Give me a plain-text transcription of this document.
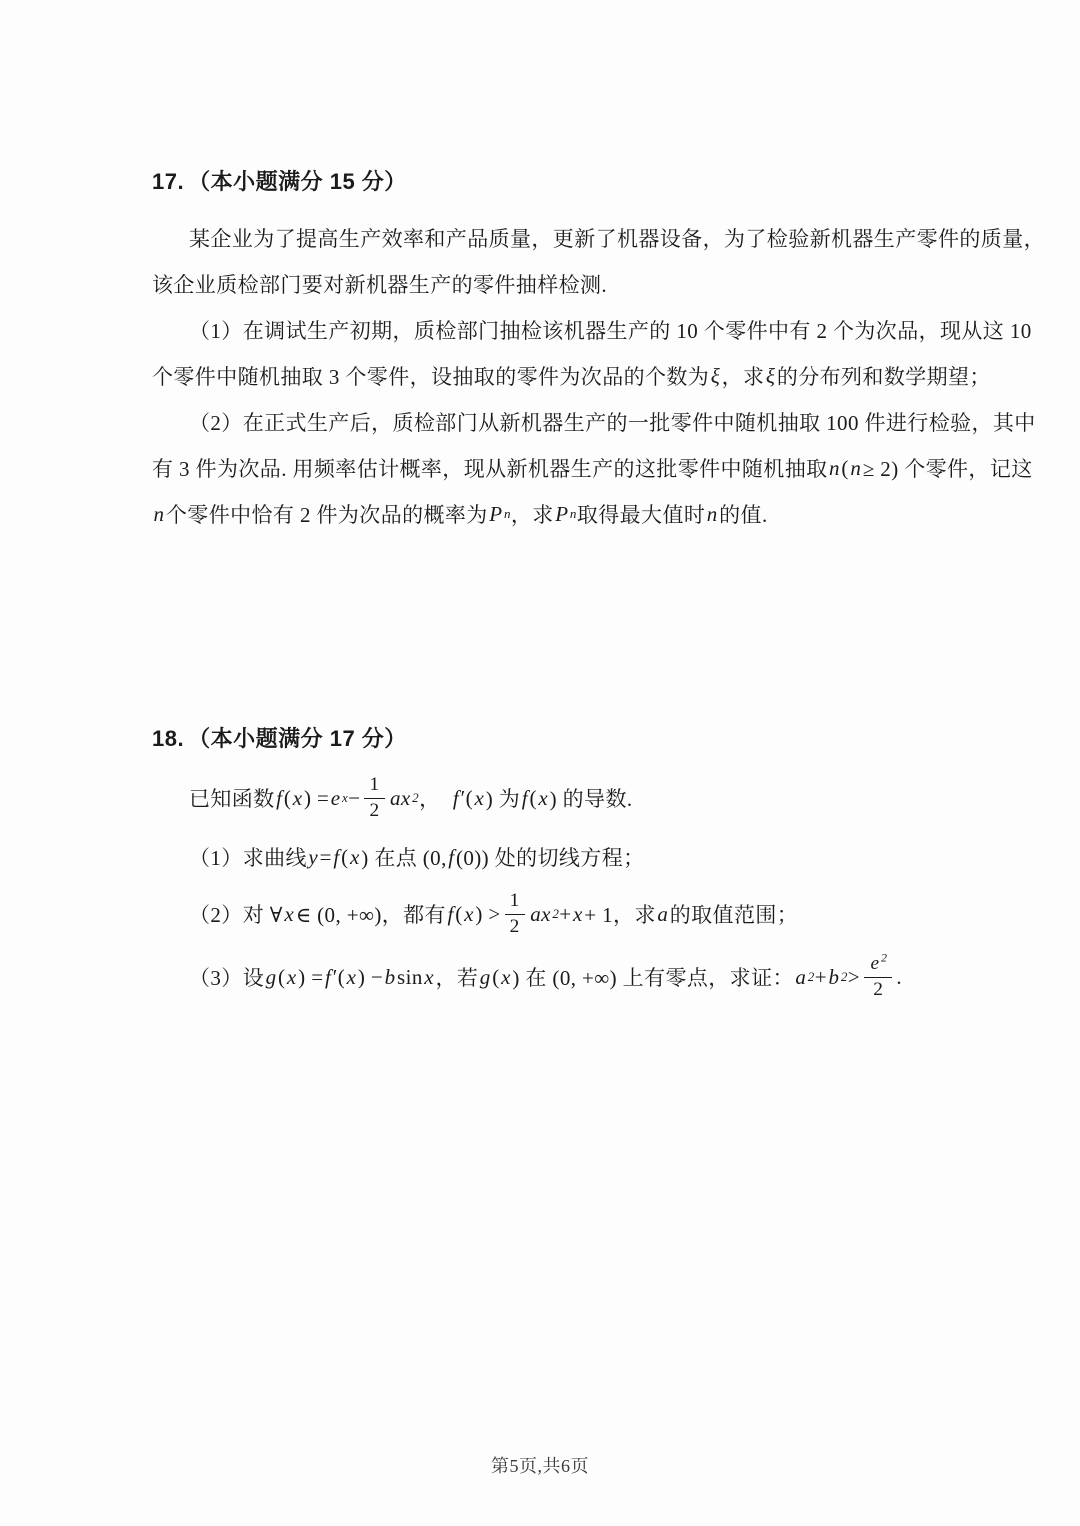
17. （本小题满分 15 分）
某企业为了提高生产效率和产品质量，更新了机器设备，为了检验新机器生产零件的质量，
该企业质检部门要对新机器生产的零件抽样检测.
（1）在调试生产初期，质检部门抽检该机器生产的 10 个零件中有 2 个为次品，现从这 10
个零件中随机抽取 3 个零件，设抽取的零件为次品的个数为 ξ ，求 ξ 的分布列和数学期望；
（2）在正式生产后，质检部门从新机器生产的一批零件中随机抽取 100 件进行检验，其中
有 3 件为次品. 用频率估计概率，现从新机器生产的这批零件中随机抽取 n ( n ≥ 2) 个零件，记这
n 个零件中恰有 2 件为次品的概率为 P n ，求 P n 取得最大值时 n 的值.
18. （本小题满分 17 分）
已知函数 f ( x ) = e $x - \frac{1}{2}$ ax 2 ，　 f ′( x ) 为 f ( x ) 的导数.
（1）求曲线 y = f ( x ) 在点 (0, f (0)) 处的切线方程；
（2）对 ∀ x ∈ (0, +∞)，都有 f ( x ) > $\frac{1}{2}$ ax 2 + x + 1，求 a 的取值范围；
（3）设 g ( x ) = f ′( x ) − b sin x ，若 g ( x ) 在 (0, +∞) 上有零点，求证： a 2 + b $2 > \frac{e ^2}{2}$ .
第5页,共6页
